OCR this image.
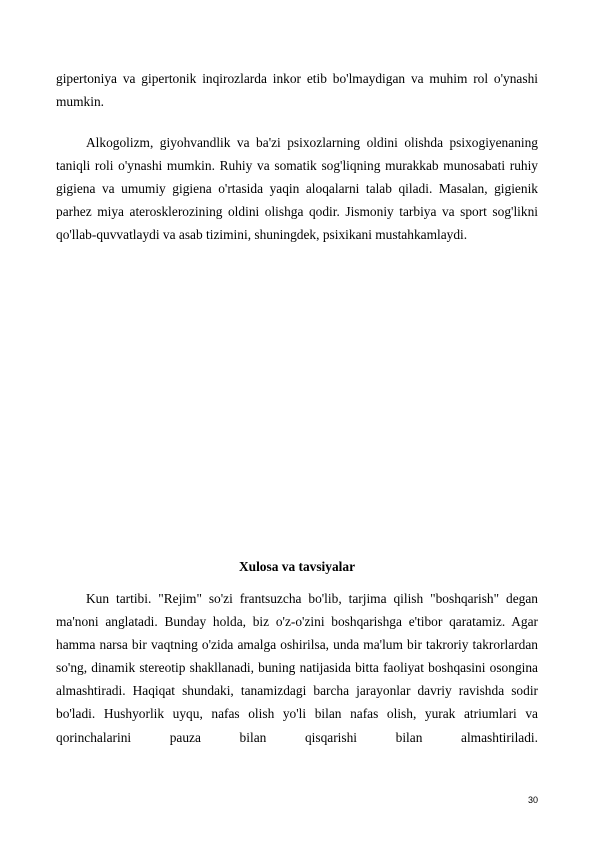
gipertoniya va gipertonik inqirozlarda inkor etib bo'lmaydigan va muhim rol o'ynashi mumkin.

Alkogolizm, giyohvandlik va ba'zi psixozlarning oldini olishda psixogiyenaning taniqli roli o'ynashi mumkin. Ruhiy va somatik sog'liqning murakkab munosabati ruhiy gigiena va umumiy gigiena o'rtasida yaqin aloqalarni talab qiladi. Masalan, gigienik parhez miya aterosklerozining oldini olishga qodir. Jismoniy tarbiya va sport sog'likni qo'llab-quvvatlaydi va asab tizimini, shuningdek, psixikani mustahkamlaydi.

Xulosa va tavsiyalar

Kun tartibi. "Rejim" so'zi frantsuzcha bo'lib, tarjima qilish "boshqarish" degan ma'noni anglatadi. Bunday holda, biz o'z-o'zini boshqarishga e'tibor qaratamiz. Agar hamma narsa bir vaqtning o'zida amalga oshirilsa, unda ma'lum bir takroriy takrorlardan so'ng, dinamik stereotip shakllanadi, buning natijasida bitta faoliyat boshqasini osongina almashtiradi. Haqiqat shundaki, tanamizdagi barcha jarayonlar davriy ravishda sodir bo'ladi. Hushyorlik uyqu, nafas olish yo'li bilan nafas olish, yurak atriumlari va qorinchalarini pauza bilan qisqarishi bilan almashtiriladi.

30
